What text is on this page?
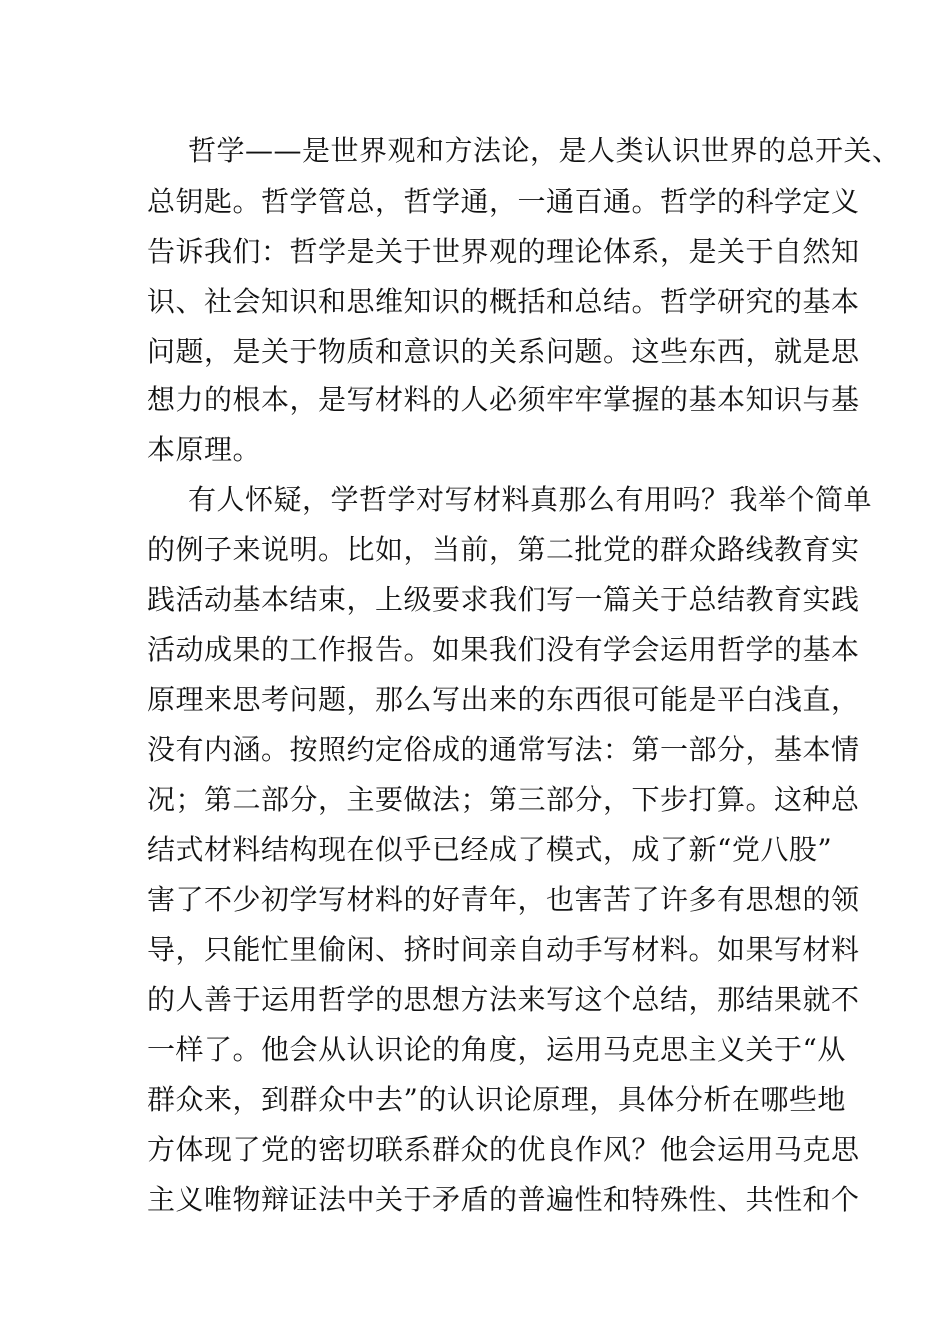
哲学——是世界观和方法论，是人类认识世界的总开关、
总钥匙。哲学管总，哲学通，一通百通。哲学的科学定义
告诉我们：哲学是关于世界观的理论体系，是关于自然知
识、社会知识和思维知识的概括和总结。哲学研究的基本
问题，是关于物质和意识的关系问题。这些东西，就是思
想力的根本，是写材料的人必须牢牢掌握的基本知识与基
本原理。
有人怀疑，学哲学对写材料真那么有用吗？我举个简单
的例子来说明。比如，当前，第二批党的群众路线教育实
践活动基本结束，上级要求我们写一篇关于总结教育实践
活动成果的工作报告。如果我们没有学会运用哲学的基本
原理来思考问题，那么写出来的东西很可能是平白浅直，
没有内涵。按照约定俗成的通常写法：第一部分，基本情
况；第二部分，主要做法；第三部分，下步打算。这种总
结式材料结构现在似乎已经成了模式，成了新“党八股”
害了不少初学写材料的好青年，也害苦了许多有思想的领
导，只能忙里偷闲、挤时间亲自动手写材料。如果写材料
的人善于运用哲学的思想方法来写这个总结，那结果就不
一样了。他会从认识论的角度，运用马克思主义关于“从
群众来，到群众中去”的认识论原理，具体分析在哪些地
方体现了党的密切联系群众的优良作风？他会运用马克思
主义唯物辩证法中关于矛盾的普遍性和特殊性、共性和个
